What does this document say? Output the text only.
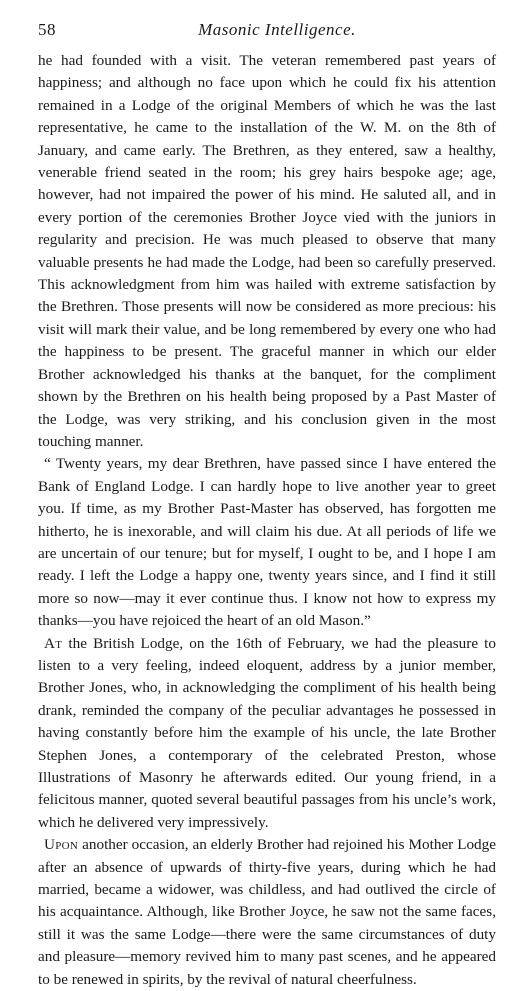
58	Masonic Intelligence.

he had founded with a visit. The veteran remembered past years of happiness; and although no face upon which he could fix his attention remained in a Lodge of the original Members of which he was the last representative, he came to the installation of the W. M. on the 8th of January, and came early. The Brethren, as they entered, saw a healthy, venerable friend seated in the room; his grey hairs bespoke age; age, however, had not impaired the power of his mind. He saluted all, and in every portion of the ceremonies Brother Joyce vied with the juniors in regularity and precision. He was much pleased to observe that many valuable presents he had made the Lodge, had been so carefully preserved. This acknowledgment from him was hailed with extreme satisfaction by the Brethren. Those presents will now be considered as more precious: his visit will mark their value, and be long remembered by every one who had the happiness to be present. The graceful manner in which our elder Brother acknowledged his thanks at the banquet, for the compliment shown by the Brethren on his health being proposed by a Past Master of the Lodge, was very striking, and his conclusion given in the most touching manner.

“ Twenty years, my dear Brethren, have passed since I have entered the Bank of England Lodge. I can hardly hope to live another year to greet you. If time, as my Brother Past-Master has observed, has forgotten me hitherto, he is inexorable, and will claim his due. At all periods of life we are uncertain of our tenure; but for myself, I ought to be, and I hope I am ready. I left the Lodge a happy one, twenty years since, and I find it still more so now—may it ever continue thus. I know not how to express my thanks—you have rejoiced the heart of an old Mason.”

At the British Lodge, on the 16th of February, we had the pleasure to listen to a very feeling, indeed eloquent, address by a junior member, Brother Jones, who, in acknowledging the compliment of his health being drank, reminded the company of the peculiar advantages he possessed in having constantly before him the example of his uncle, the late Brother Stephen Jones, a contemporary of the celebrated Preston, whose Illustrations of Masonry he afterwards edited. Our young friend, in a felicitous manner, quoted several beautiful passages from his uncle’s work, which he delivered very impressively.

Upon another occasion, an elderly Brother had rejoined his Mother Lodge after an absence of upwards of thirty-five years, during which he had married, became a widower, was childless, and had outlived the circle of his acquaintance. Although, like Brother Joyce, he saw not the same faces, still it was the same Lodge—there were the same circumstances of duty and pleasure—memory revived him to many past scenes, and he appeared to be renewed in spirits, by the revival of natural cheerfulness.
